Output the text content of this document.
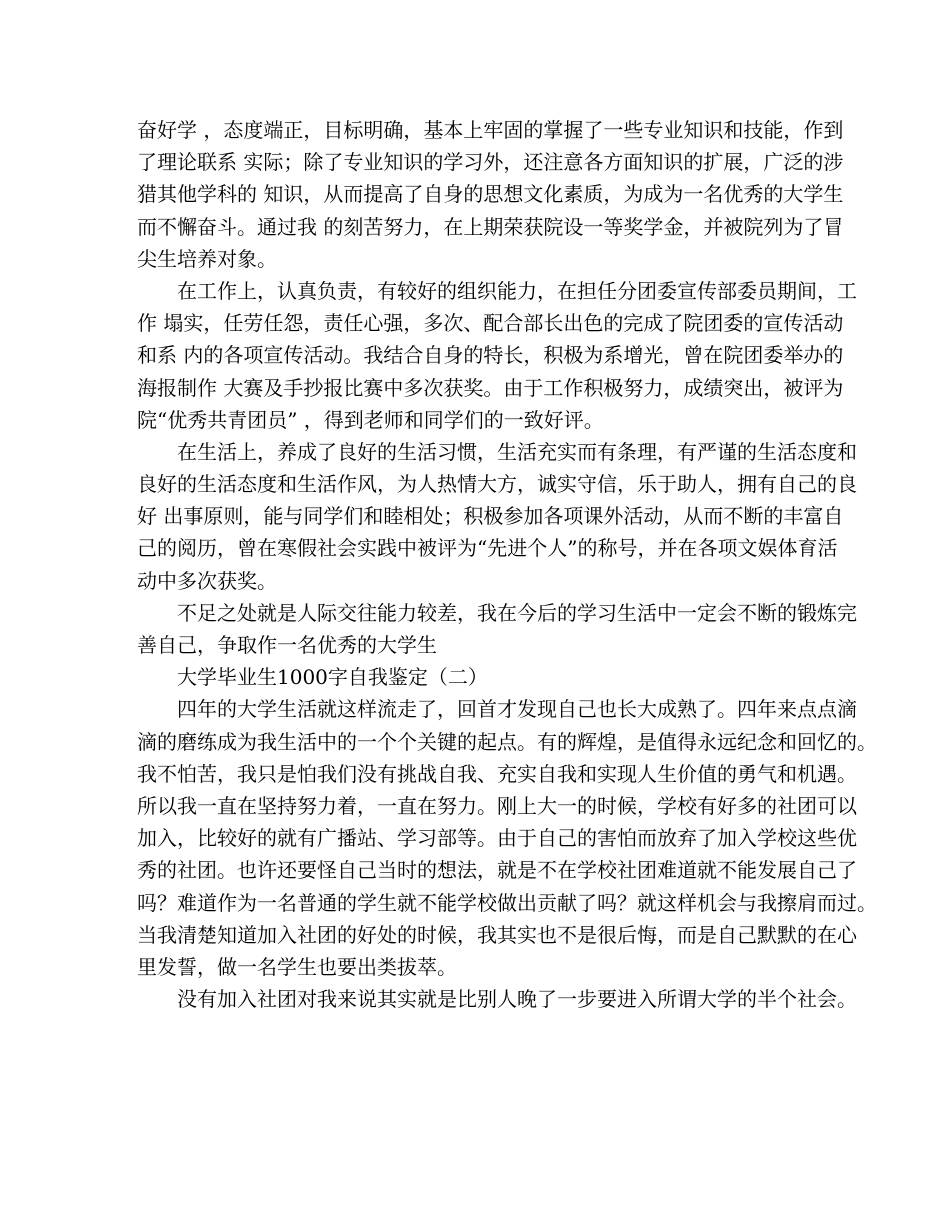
奋好学 ，态度端正，目标明确，基本上牢固的掌握了一些专业知识和技能，作到
了理论联系 实际；除了专业知识的学习外，还注意各方面知识的扩展，广泛的涉
猎其他学科的 知识，从而提高了自身的思想文化素质，为成为一名优秀的大学生
而不懈奋斗。通过我 的刻苦努力，在上期荣获院设一等奖学金，并被院列为了冒
尖生培养对象。
在工作上，认真负责，有较好的组织能力，在担任分团委宣传部委员期间，工
作 塌实，任劳任怨，责任心强，多次、配合部长出色的完成了院团委的宣传活动
和系 内的各项宣传活动。我结合自身的特长，积极为系增光，曾在院团委举办的
海报制作 大赛及手抄报比赛中多次获奖。由于工作积极努力，成绩突出，被评为
院“优秀共青团员” ，得到老师和同学们的一致好评。
在生活上，养成了良好的生活习惯，生活充实而有条理，有严谨的生活态度和
良好的生活态度和生活作风，为人热情大方，诚实守信，乐于助人，拥有自己的良
好 出事原则，能与同学们和睦相处；积极参加各项课外活动，从而不断的丰富自
己的阅历，曾在寒假社会实践中被评为“先进个人”的称号，并在各项文娱体育活
动中多次获奖。
不足之处就是人际交往能力较差，我在今后的学习生活中一定会不断的锻炼完
善自己，争取作一名优秀的大学生
大学毕业生1000字自我鉴定（二）
四年的大学生活就这样流走了，回首才发现自己也长大成熟了。四年来点点滴
滴的磨练成为我生活中的一个个关键的起点。有的辉煌，是值得永远纪念和回忆的。
我不怕苦，我只是怕我们没有挑战自我、充实自我和实现人生价值的勇气和机遇。
所以我一直在坚持努力着，一直在努力。刚上大一的时候，学校有好多的社团可以
加入，比较好的就有广播站、学习部等。由于自己的害怕而放弃了加入学校这些优
秀的社团。也许还要怪自己当时的想法，就是不在学校社团难道就不能发展自己了
吗？难道作为一名普通的学生就不能学校做出贡献了吗？就这样机会与我擦肩而过。
当我清楚知道加入社团的好处的时候，我其实也不是很后悔，而是自己默默的在心
里发誓，做一名学生也要出类拔萃。
没有加入社团对我来说其实就是比别人晚了一步要进入所谓大学的半个社会。
